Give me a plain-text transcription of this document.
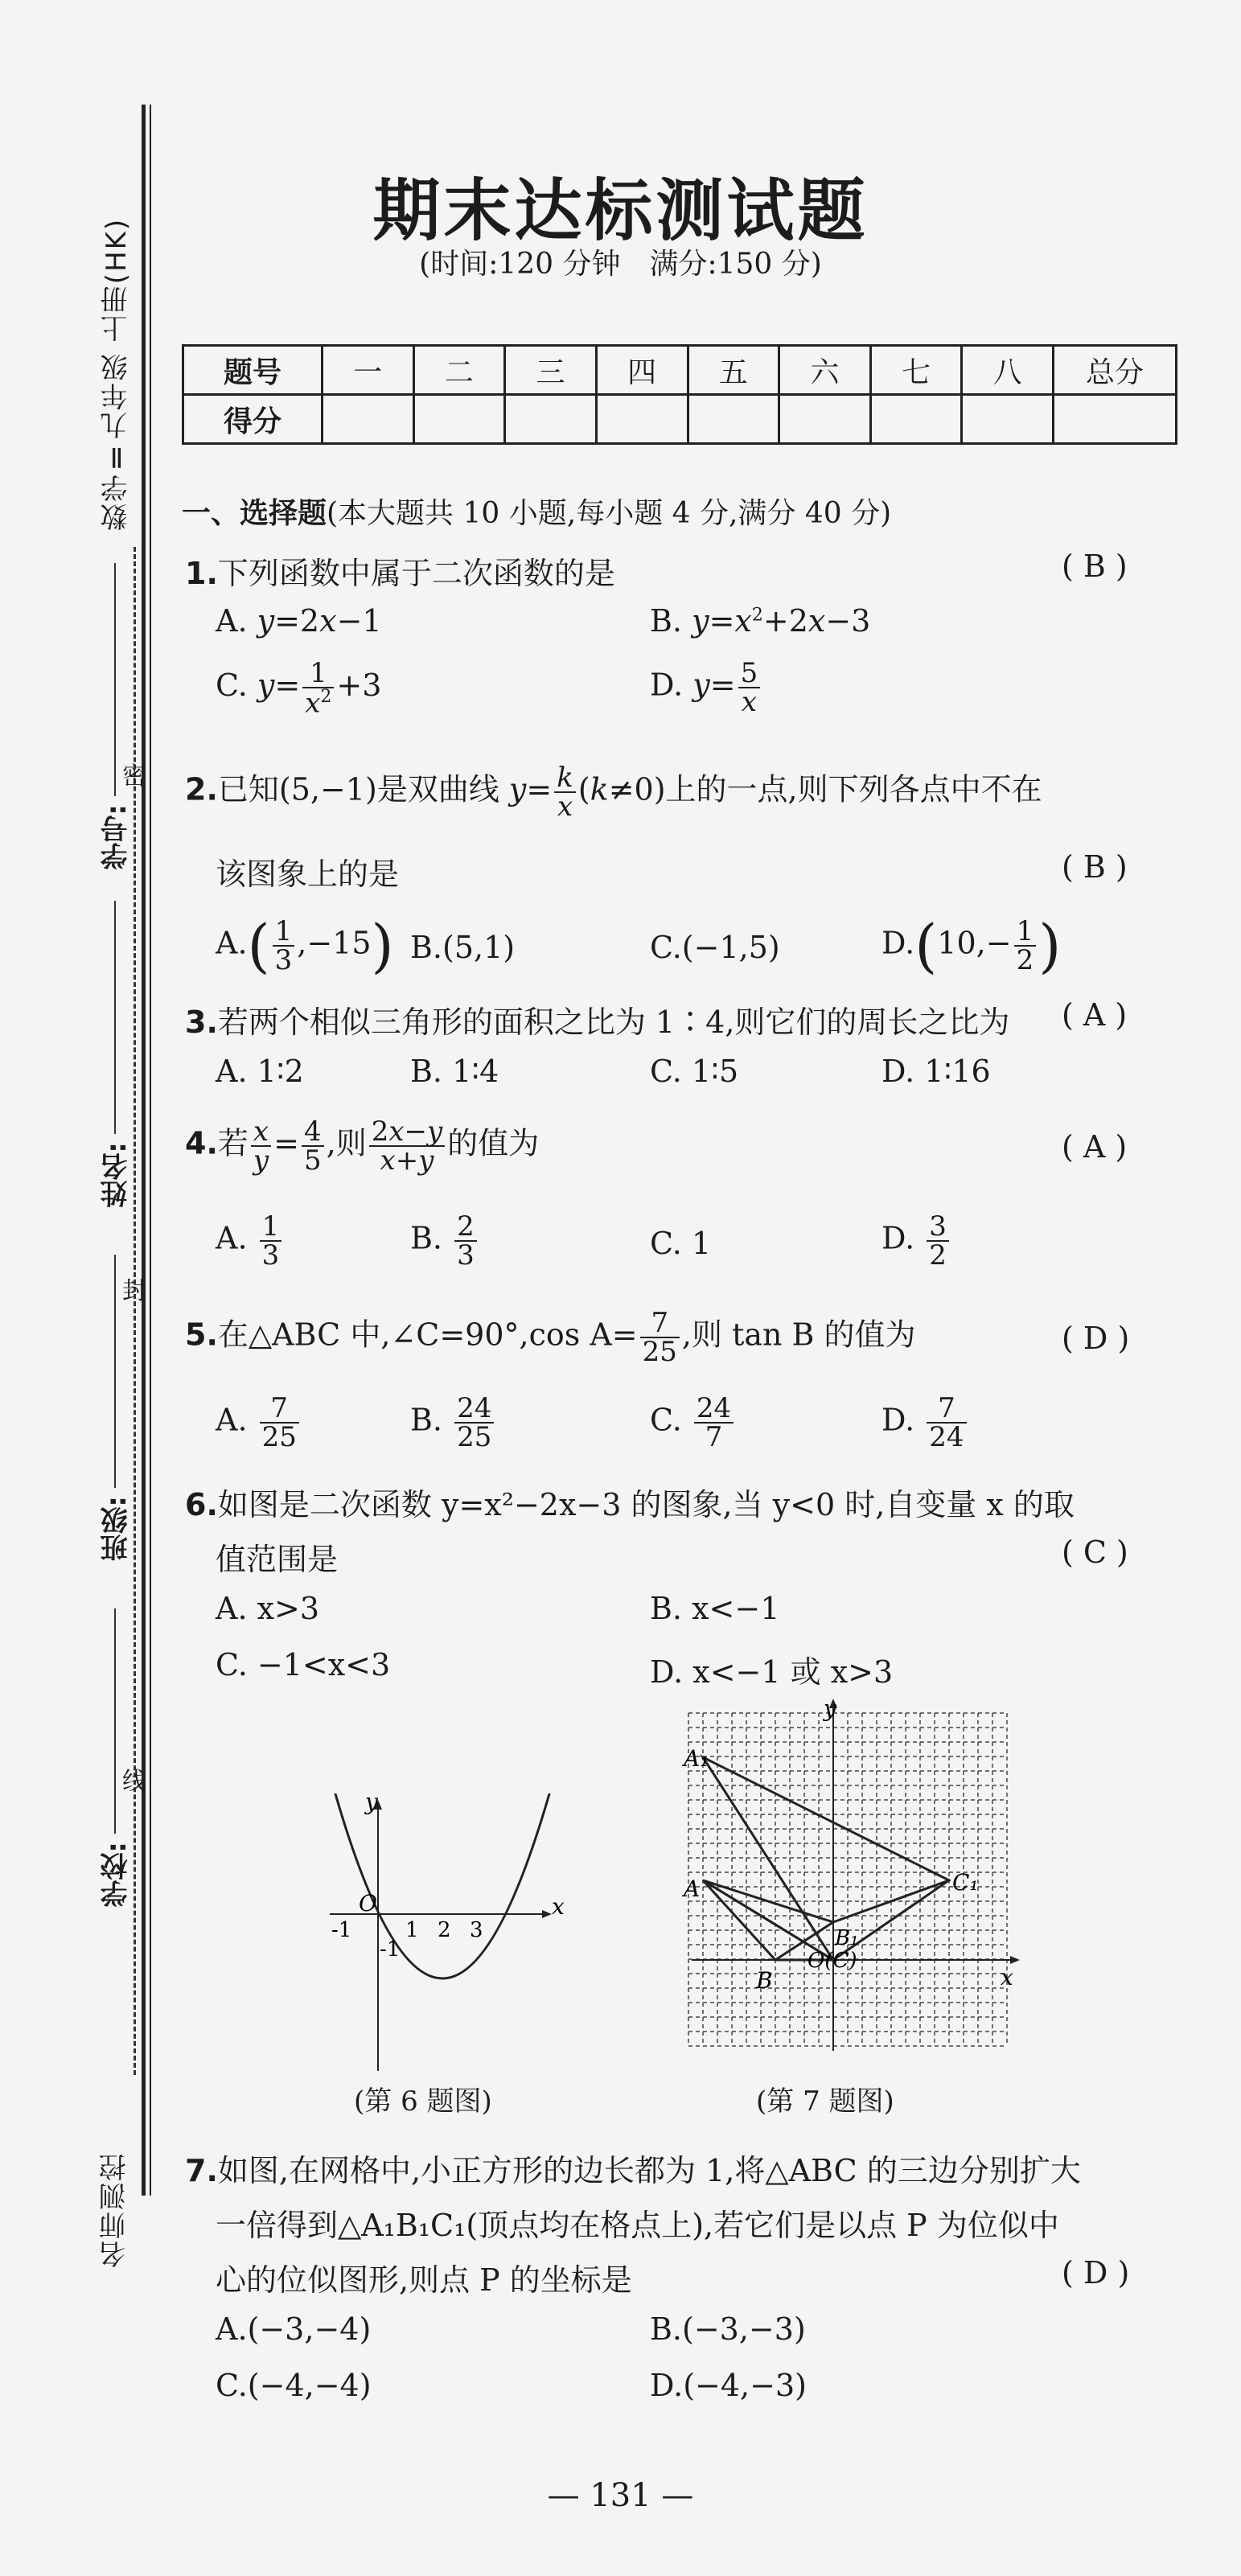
数学Ⅱ九年级 上册(HK)
名师测控
学号:
姓名:
班级:
学校:
密
封
线
期末达标测试题
(时间:120 分钟　满分:150 分)
题号	一	二	三	四	五	六	七	八	总分
得分									
一、选择题(本大题共 10 小题,每小题 4 分,满分 40 分)
1.下列函数中属于二次函数的是	( B )
A. y=2x−1	B. $y=x^2+2x-3$
C. $y= \frac{1}{x^2} +3$	D. $y= \frac{5}{x}$
2.已知(5,−1)是双曲线 $y= \frac{k}{x} (k\ne 0)$上的一点,则下列各点中不在
该图象上的是	( B )
$A.( \frac{1}{3} ,-15)$ B.(5,1)	C.(−1,5)	$D.(10,- \frac{1}{2}$ )
3.若两个相似三角形的面积之比为 1∶4,则它们的周长之比为 ( A )
A. 1∶2	B. 1∶4	C. 1∶5	D. 1∶16
4.若 $\frac{x}{y} = \frac{4}{5}$ ,则 $\frac{2x-y}{x+y}$ 的值为	( A )
A. $\frac{1}{3}$	B. $\frac{2}{3}$	C. 1	D. $\frac{3}{2}$
5.在△ABC 中,∠C=90°,cos $A= \frac{7}{25}$ ,则 tan B 的值为	( D )
A. $\frac{7}{25}$	B. $\frac{24}{25}$	C. $\frac{24}{7}$	D. $\frac{7}{24}$
6.如图是二次函数 y=x²−2x−3 的图象,当 y<0 时,自变量 x 的取
值范围是	( C )
A. x>3	B. x<−1
C. −1<x<3	D. x<−1 或 x>3
y
x
O
-1	1 2 3
-1
(第 6 题图)
y
x
A₁
A	C₁
B₁
B
O(C)
(第 7 题图)
7.如图,在网格中,小正方形的边长都为 1,将△ABC 的三边分别扩大
一倍得到△A₁B₁C₁(顶点均在格点上),若它们是以点 P 为位似中
心的位似图形,则点 P 的坐标是	( D )
A.(−3,−4)	B.(−3,−3)
C.(−4,−4)	D.(−4,−3)
— 131 —
